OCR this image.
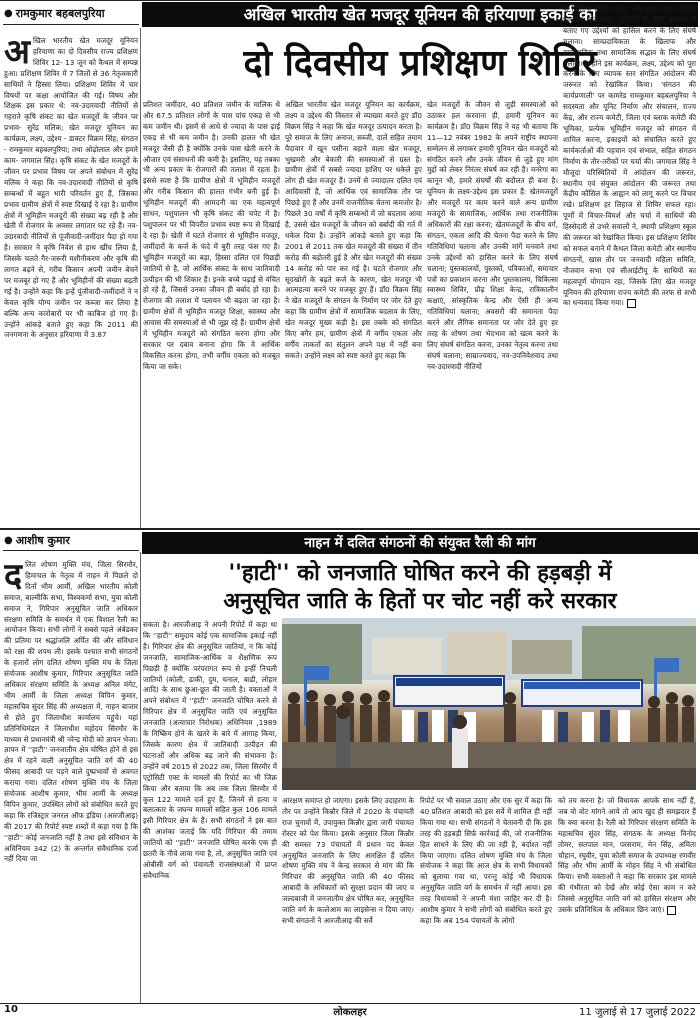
● रामकुमार बहबलपुरिया	अखिल भारतीय खेत मजदूर यूनियन की हरियाणा इकाई का
दो दिवसीय प्रशिक्षण शिविर
अखिल भारतीय खेत मजदूर यूनियन हरियाणा का दो दिवसीय राज्य प्रशिक्षण शिविर 12- 13 जून को कैथल में सम्पन्न हुआ। प्रशिक्षण शिविर में 7 जिलों से 36 नेतृत्वकारी साथियों ने हिस्सा लिया। प्रशिक्षण शिविर में चार विषयों पर कक्षा आयोजित की गई। विषय और शिक्षक इस प्रकार थे: नव-उदारवादी नीतियों से गहराते कृषि संकट का खेत मजदूरों के जीवन पर प्रभाव- सुरेंद्र मलिक; खेत मजदूर यूनियन का कार्यक्रम, लक्ष्य, उद्देश्य - डाक्टर विक्रम सिंह; संगठन - रामकुमार बहबलपुरिया; तथा ओढ़ोलाल और हमारे काम- जगमाल सिंह। कृषि संकट के खेत मजदूरों के जीवन पर प्रभाव विषय पर अपने संबोधन में सुरेंद्र मलिक ने कहा कि नव-उदारवादी नीतियों से कृषि सम्बन्धों में बहुत भारी परिवर्तन हुए हैं, जिसका प्रभाव ग्रामीण क्षेत्रों में स्पष्ट दिखाई दे रहा है। ग्रामीण क्षेत्रों में भूमिहीन मजदूरों की संख्या बढ़ रही है और खेती में रोजगार के अवसर लगातार घट रहे हैं। नव-उदारवादी नीतियों से पूंजीवादी-जमींदार पैदा हो गया है। सरकार ने कृषि निवेश से हाथ खींच लिया है, जिसके चलते गैर-जरूरी मशीनीकरण और कृषि की लागत बढ़ने से, गरीब किसान अपनी जमीन बेचने पर मजबूर हो गए हैं और भूमिहीनों की संख्या बढ़ती गई है। उन्होंने कहा कि इन्हें पूंजीवादी-जमींदारों ने न केवल कृषि योग्य जमीन पर कब्जा कर लिया है बल्कि अन्य कारोबारों पर भी काबिज हो गए हैं। उन्होंने आंकड़े बताते हुए कहा कि 2011 की जनगणना के अनुसार हरियाणा में 3.87
प्रतिशत जमींदार, 40 प्रतिशत जमीन के मालिक थे और 67.5 प्रतिशत लोगों के पास पांच एकड़ से भी कम जमीन थी। इसमें से आधे से ज्यादा के पास ढ़ाई एकड़ से भी कम जमीन है। उनकी हालत भी खेत मजदूर जैसी ही है क्योंकि उनके पास खेती करने के औजार एवं संसाधनों की कमी है। इसलिए, यह तबका भी अन्य प्रकार के रोजगारों की तलाश में रहता है। इससे स्पष्ट है कि ग्रामीण क्षेत्रों में भूमिहीन मजदूरों और गरीब किसान की हालत गंभीर बनी हुई है। भूमिहीन मजदूरों की आमदनी का एक महत्वपूर्ण साधन, पशुपालन भी कृषि संकट की चपेट में है। पशुपालन पर भी विपरीत प्रभाव स्पष्ट रूप से दिखाई दे रहा है। खेती में घटते रोजगार से भूमिहीन मजदूर, जमींदारों के कर्ज के फंदे में बुरी तरह फंस गए हैं। भूमिहीन मजदूरों का बड़ा, हिस्सा दलित एवं पिछड़ी जातियों से है, जो आर्थिक संकट के साथ जातिवादी उत्पीड़न की भी शिकार हैं। इनके बच्चे पढ़ाई से वंचित हो रहे हैं, जिससे उनका जीवन ही बर्बाद हो रहा है। रोजगार की तलाश में पलायन भी बढ़ता जा रहा है। ग्रामीण क्षेत्रों में भूमिहीन मजदूर शिक्षा, स्वास्थ्य और आवास की समस्याओं से भी जूझ रहे हैं। ग्रामीण क्षेत्रों में भूमिहीन मजदूरों को संगठित करना होगा और सरकार पर दबाव बनाना होगा कि वे आर्थिक विकसित करना होगा, तभी वर्गीय एकता को मजबूत किया जा सके।
अखिल भारतीय खेत मजदूर यूनियन का कार्यक्रम, लक्ष्य व उद्देश्य की विस्तार से व्याख्या करते हुए डॉ0 विक्रम सिंह ने कहा कि खेत मजदूर उत्पादन करता है। पूरे समाज के लिए अनाज, सब्जी, दालें सहित तमाम पैदावार में खून पसीना बहाने वाला खेत मजदूर, भुखमरी और बेकारी की समस्याओं से ग्रस्त है। ग्रामीण क्षेत्रों में सबसे ज्यादा हाशिए पर धकेले हुए लोग ही खेत मजदूर हैं। उनमें से ज्यादातर दलित एवं आदिवासी हैं, जो आर्थिक एवं सामाजिक तौर पर पिछड़े हुए हैं और उनमें राजनीतिक चेतना कमजोर है। पिछले 30 वर्षों में कृषि सम्बन्धों में जो बदलाव आया है, उससे खेत मजदूरों के जीवन को बर्बादी की गर्त में धकेल दिया है। उन्होंने आंकड़े बताते हुए कहा कि 2001 से 2011 तक खेत मजदूरों की संख्या में तीन करोड़ की बढ़ोतरी हुई है और खेत मजदूरों की संख्या 14 करोड़ को पार कर गई है। घटते रोजगार और सूदखोरों के बढ़ते कर्ज के कारण, खेत मजदूर भी आत्महत्या करने पर मजबूर हुए हैं। डॉ0 विक्रम सिंह ने खेत मजदूरों के संगठन के निर्माण पर जोर देते हुए कहा कि ग्रामीण क्षेत्रों में सामाजिक बदलाव के लिए, खेत मजदूर मुख्य कड़ी है। इस तबके को संगठित किए बगैर हम, ग्रामीण क्षेत्रों में वर्गीय एकता और वर्गीय ताकतों का संतुलन अपने पक्ष में नहीं बना सकते। उन्होंने लक्ष्य को स्पष्ट करते हुए कहा कि
खेत मजदूरों के जीवन से जुड़ी समस्याओं को उठाकर हल करवाना ही, हमारी यूनियन का कार्यक्रम है। डॉ0 विक्रम सिंह ने यह भी बताया कि 11—12 नवंबर 1982 के अपने राष्ट्रीय स्थापना सम्मेलन से लगाकर हमारी यूनियन खेत मजदूरों को संगठित करने और उनके जीवन से जुड़े हुए मांग मुद्दों को लेकर निरंतर संघर्ष कर रही है। मनरेगा का कानून भी, हमारे संघर्षों की बदौलत ही बना है। यूनियन के लक्ष्य-उद्देश्य इस प्रकार हैं: खेतमजदूरों और मजदूरों पर काम करने वाले अन्य ग्रामीण मजदूरों के सामाजिक, आर्थिक तथा राजनीतिक अधिकारों की रक्षा करना; खेतमजदूरों के बीच वर्ग, संगठन, एकता आदि की चेतना पैदा करने के लिए गतिविधियां चलाना और उनकी मांगें मनवाने तथा उनके उद्देश्यों को हासिल करने के लिए संघर्ष चलाना; पुस्तकालयों, पुस्तकों, पत्रिकाओं, समाचार पत्रों का प्रकाशन करना और पुस्तकालय, चिकित्सा स्वास्थ्य शिविर, प्रौढ़ शिक्षा केन्द्र, रात्रिकालीन कक्षाएं, सांस्कृतिक केन्द्र और ऐसी ही अन्य गतिविधियां चलाना; अवसरों की समानता पैदा करने और लैंगिक समानता पर जोर देते हुए हर तरह के शोषण तथा भेदभाव को खत्म करने के लिए संघर्ष संगठित करना, उनका नेतृत्व करना तथा संघर्ष चलाना; साम्राज्यवाद, नव-उपनिवेशवाद तथा नव-उदारवादी नीतियों
के खिलाफ संघर्ष चलाना; और सबसे ऊपर अखिल भारतीय खेतमजदूर, यूनियन के नीति वक्तव्य में बताए गए उद्देश्यों को हासिल करने के लिए संघर्ष चलाना। साम्प्रदायिकता के खिलाफ और साम्प्रदायिक तथा सामाजिक सद्भाव के लिए संघर्ष चलाना। उन्होंने इस कार्यक्रम, लक्ष्य, उद्देश्य को पूरा करने के लिए व्यापक स्तर संगठित आंदोलन की जरूरत को रेखांकित किया। 'संगठन की कार्यप्रणाली' पर कामरेड रामकुमार बहबलपुरिया ने सदस्यता और यूनिट निर्माण और संचालन, राज्य केंद्र, और राज्य कमेटी, जिला एवं ब्लाक कमेटी की भूमिका, प्रत्येक भूमिहीन मजदूर को संगठन में शामिल करना, इकाइयों को संचालित करते हुए कार्यकर्ताओं की पहचान एवं संभाल, सहित संगठन निर्माण के तौर-तरीकों पर चर्चा की। जगमाल सिंह ने मौजूदा परिस्थितियों में आंदोलन की जरूरत, स्थानीय एवं संयुक्त आंदोलन की जरूरत तथा केंद्रीय कौंसिल के आह्वान को लागू करने पर विचार रखे। प्रशिक्षण हर लिहाज से शिविर सफल रहा। पूर्णों में विचार-विमर्श और चर्चा में साथियों की हिस्सेदारी से उभरे सवालों ने, स्थायी प्रशिक्षण स्कूल की जरूरत को रेखांकित किया। इस प्रशिक्षण शिविर को सफल बनाने में कैथल जिला कमेटी और स्थानीय संगठनों, खास तौर पर जनवादी महिला समिति, नौजवान सभा एवं सीआईटीयू के साथियों का महत्वपूर्ण योगदान रहा, जिसके लिए खेत मजदूर यूनियन की हरियाणा राज्य कमेटी की तरफ से सभी का धन्यवाद किया गया।
● आशीष कुमार	नाहन में दलित संगठनों की संयुक्त रैली की मांग
''हाटी'' को जनजाति घोषित करने की हड़बड़ी में
अनुसूचित जाति के हितों पर चोट नहीं करे सरकार
दलित शोषण मुक्ति मंच, जिला सिरमौर, हिमाचल के नेतृत्व में नाहन में पिछले दो दिनों भीम आर्मी, अखिल भारतीय कोली समाज, बाल्मीकि सभा, विश्वकर्मा सभा, युवा कोली समाज ने, गिरिपार अनुसूचित जाति अधिकार संरक्षण समिति के समर्थन में एक विशाल रैली का आयोजन किया। सभी लोगों ने सबसे पहले अंबेडकर की प्रतिमा पर श्रद्धांजलि अर्पित की और संविधान को रक्षा की शपथ ली। इसके पश्चात सभी संगठनों के हजारों लोग दलित शोषण मुक्ति मंच के जिला संयोजक आशीष कुमार, गिरिपार अनुसूचित जाति अधिकार संरक्षण समिति के अध्यक्ष अनिल मंगेट, भीम आर्मी के जिला अध्यक्ष विपिन कुमार, महासचिव सुंदर सिंह की अध्यक्षता में, नाहन बाजार से होते हुए जिलाधीश कार्यालय पहुंचे। यहां प्रतिनिधिमंडल ने जिलाधीश महोदय सिरमौर के माध्यम से प्रधानमंत्री श्री नरेन्द्र मोदी को ज्ञापन भेजा। ज्ञापन में ''हाटी'' जनजातीय क्षेत्र घोषित होने से इस क्षेत्र में रहने वाली अनुसूचित जाति वर्ग की 40 फीसद आबादी पर पड़ने वाले दुष्प्रभावों से अवगत कराया गया। दलित शोषण मुक्ति मंच के जिला संयोजक आशीष कुमार, भीम आर्मी के अध्यक्ष विपिन कुमार, उपस्थित लोगों को संबोधित करते हुए कहा कि रजिस्ट्रार जनरल ऑफ इंडिया (आरजीआइ) की 2017 की रिपोर्ट स्पष्ट शब्दों में कहा गया है कि ''हाटी'' कोई जनजाति नहीं है तथा इसे संविधान के अधिनियम 342 (2) के अन्तर्गत संवैधानिक दर्जा नहीं दिया जा
सकता है। आरजीआइ ने अपनी रिपोर्ट में कहा था कि ''हाटी'' समुदाय कोई एक सामाजिक इकाई नहीं है। गिरिपार क्षेत्र की अनुसूचित जातियां, न कि कोई जनजाति, सामाजिक-आर्थिक व शैक्षणिक रूप पिछड़ी हैं क्योंकि परंपरागत रूप से इन्हीं निचली जातियों (कोली, ढाकी, दुम, चनाल, बाढी, लोहार आदि) के साथ छुआ-छूत की जाती है। वक्ताओं ने अपने संबोधन में ''हाटी'' जनजाति घोषित करने से गिरिपार क्षेत्र में अनुसूचित जाति एवं अनुसूचित जनजाति (अत्याचार निरोधक) अधिनियम ,1989 के निष्क्रिय होने के खतरे के बारे में आगाह किया, जिसके कारण क्षेत्र में जातिवादी उत्पीड़न की घटनाओं और अधिक बढ़ जाने की संभावना है। उन्होंने वर्ष 2015 से 2022 तक, जिला सिरमौर में एट्रोसिटी एक्ट के मामलों की रिपोर्ट का भी जिक्र किया और बताया कि अब तक जिला सिरमौर में कुल 122 मामले दर्ज हुए हैं, जिनमें से हत्या व बलात्कार के जघन्य मामलों सहित कुल 106 मामले इसी गिरिपार क्षेत्र के हैं। सभी संगठनों ने इस बात की आशंका जताई कि यदि गिरिपार की तमाम जातियों को ''हाटी'' जनजाति घोषित करके एक ही छतरी के नीचे लाया गया है, तो, अनुसूचित जाति एवं ओबीसी वर्ग को पंचायती राजसंस्थाओं में प्राप्त संवैधानिक
आरक्षण समाप्त हो जाएगा। इसके लिए उदाहरण के तौर पर उन्होंने किन्नौर जिले में 2020 के पंचायती राज चुनावों में, उपायुक्त किन्नौर द्वारा जारी पंचायत रोस्टर को पेश किया। इसके अनुसार जिला किन्नौर की समस्त 73 पंचायतों में प्रधान पद केवल अनुसूचित जनजाति के लिए आरक्षित हैं दलित शोषण मुक्ति मंच ने केन्द्र सरकार से मांग की कि गिरिपार की अनुसूचित जाति की 40 फीसद आबादी के अधिकारों को सुरक्षा प्रदान की जाए व जल्दबाजी में जनजातीय क्षेत्र घोषित कर, अनुसूचित जाति वर्ग के कत्लेआम का लाइसेन्स न दिया जाए। सभी संगठनों ने आरजीआइ की सर्वे
रिपोर्ट पर भी सवाल उठाए और एक सुर में कहा कि 40 प्रतिशत आबादी को इस सर्वे में शामिल ही नहीं किया गया था। सभी संगठनों ने चेतावनी दी कि इस तरह की हड़बड़ी सिर्फ़ कार्रवाई की, जो राजनीतिक हित साधने के लिए की जा रही है, बर्दाश्त नहीं किया जाएगा। दलित शोषण मुक्ति मंच के जिला संयोजक ने कहा कि आज क्षेत्र के सभी विधायकों को बुलाया गया था, परन्तु कोई भी विधायक अनुसूचित जाति वर्ग के समर्थन में नहीं आया। इस तरह विधायकों ने अपनी मंशा जाहिर कर दी है। आशीष कुमार ने सभी लोगों को संबोधित करते हुए कहा कि अब 154 पंचायतों के लोगों
को तय करना है। जो विधायक आपके साथ नहीं हैं, जब वो वोट मांगने आये तो आप खुद ही समझदार हैं कि क्या करना है। रैली को गिरिपार संरक्षण समिति के महासचिव सुंदर सिंह, संगठक के अध्यक्ष विनोद तोमर, सतपाल मान, परसराम, मेन सिंह, अमिता चौहान, रघुवीर, युवा कोली समाज के उपाध्यक्ष रणवीर सिंह और भीम आर्मी के मोहन सिंह ने भी संबोधित किया। सभी वक्ताओं ने कहा कि सरकार इस मामले की गंभीरता को देखें और कोई ऐसा काम न करे जिससे अनुसूचित जाति वर्ग को हासिल संरक्षण और उसके प्रतिनिधित्व के अधिकार छिन जाएं।
10	लोकलहर	11 जुलाई से 17 जुलाई 2022
